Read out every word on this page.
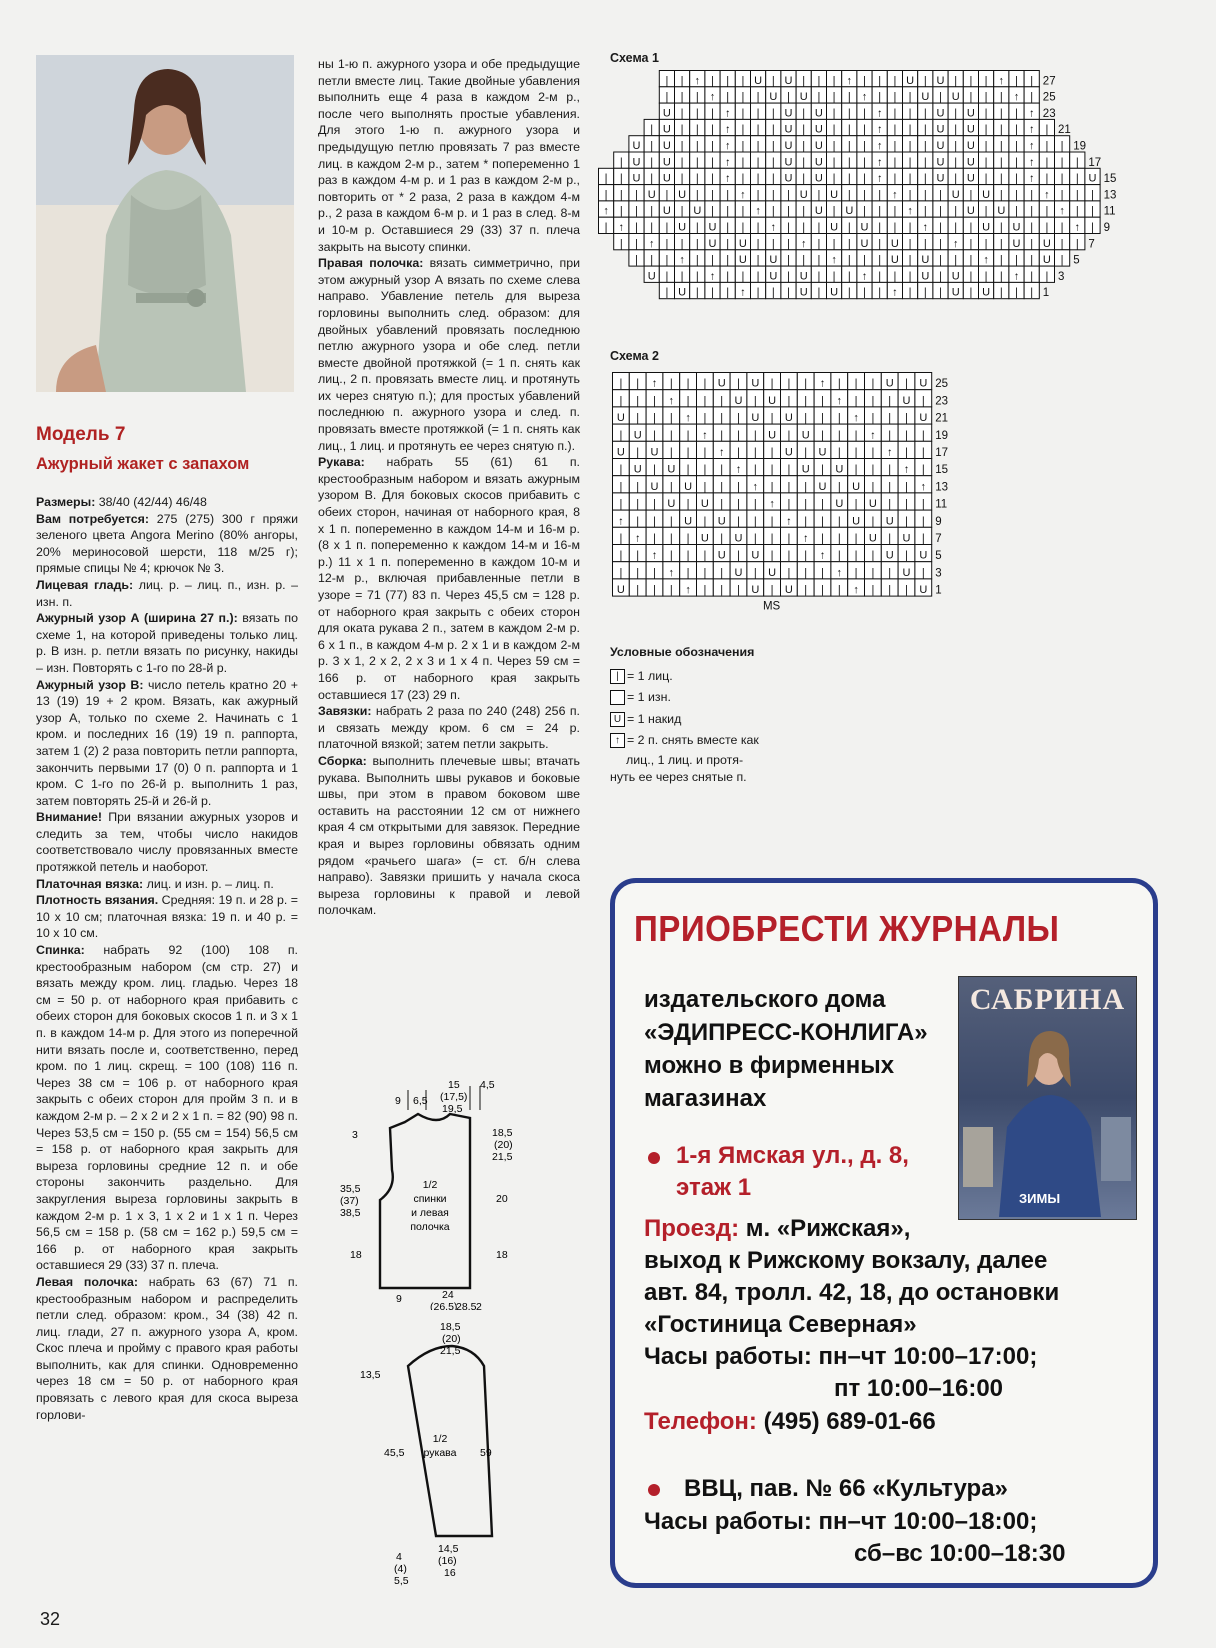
Модель 7
Ажурный жакет с запахом

Размеры: 38/40 (42/44) 46/48

Вам потребуется: 275 (275) 300 г пряжи зеленого цвета Angora Merino (80% ангоры, 20% мериносовой шерсти, 118 м/25 г); прямые спицы № 4; крючок № 3.

Лицевая гладь: лиц. р. – лиц. п., изн. р. – изн. п.

Ажурный узор А (ширина 27 п.): вязать по схеме 1, на которой приведены только лиц. р. В изн. р. петли вязать по рисунку, накиды – изн. Повторять с 1-го по 28-й р.

Ажурный узор В: число петель кратно 20 + 13 (19) 19 + 2 кром. Вязать, как ажурный узор А, только по схеме 2. Начинать с 1 кром. и последних 16 (19) 19 п. раппорта, затем 1 (2) 2 раза повторить петли раппорта, закончить первыми 17 (0) 0 п. раппорта и 1 кром. С 1-го по 26-й р. выполнить 1 раз, затем повторять 25-й и 26-й р.

Внимание! При вязании ажурных узоров и следить за тем, чтобы число накидов соответствовало числу провязанных вместе протяжкой петель и наоборот.

Платочная вязка: лиц. и изн. р. – лиц. п.

Плотность вязания. Средняя: 19 п. и 28 р. = 10 х 10 см; платочная вязка: 19 п. и 40 р. = 10 х 10 см.

Спинка: набрать 92 (100) 108 п. крестообразным набором (см стр. 27) и вязать между кром. лиц. гладью. Через 18 см = 50 р. от наборного края прибавить с обеих сторон для боковых скосов 1 п. и 3 х 1 п. в каждом 14-м р. Для этого из поперечной нити вязать после и, соответственно, перед кром. по 1 лиц. скрещ. = 100 (108) 116 п. Через 38 см = 106 р. от наборного края закрыть с обеих сторон для пройм 3 п. и в каждом 2-м р. – 2 х 2 и 2 х 1 п. = 82 (90) 98 п. Через 53,5 см = 150 р. (55 см = 154) 56,5 см = 158 р. от наборного края закрыть для выреза горловины средние 12 п. и обе стороны закончить раздельно. Для закругления выреза горловины закрыть в каждом 2-м р. 1 х 3, 1 х 2 и 1 х 1 п. Через 56,5 см = 158 р. (58 см = 162 р.) 59,5 см = 166 р. от наборного края закрыть оставшиеся 29 (33) 37 п. плеча.

Левая полочка: набрать 63 (67) 71 п. крестообразным набором и распределить петли след. образом: кром., 34 (38) 42 п. лиц. глади, 27 п. ажурного узора А, кром. Скос плеча и пройму с правого края работы выполнить, как для спинки. Одновременно через 18 см = 50 р. от наборного края провязать с левого края для скоса выреза горлови-

ны 1-ю п. ажурного узора и обе предыдущие петли вместе лиц. Такие двойные убавления выполнить еще 4 раза в каждом 2-м р., после чего выполнять простые убавления. Для этого 1-ю п. ажурного узора и предыдущую петлю провязать 7 раз вместе лиц. в каждом 2-м р., затем * попеременно 1 раз в каждом 4-м р. и 1 раз в каждом 2-м р., повторить от * 2 раза, 2 раза в каждом 4-м р., 2 раза в каждом 6-м р. и 1 раз в след. 8-м и 10-м р. Оставшиеся 29 (33) 37 п. плеча закрыть на высоту спинки.

Правая полочка: вязать симметрично, при этом ажурный узор А вязать по схеме слева направо. Убавление петель для выреза горловины выполнить след. образом: для двойных убавлений провязать последнюю петлю ажурного узора и обе след. петли вместе двойной протяжкой (= 1 п. снять как лиц., 2 п. провязать вместе лиц. и протянуть их через снятую п.); для простых убавлений последнюю п. ажурного узора и след. п. провязать вместе протяжкой (= 1 п. снять как лиц., 1 лиц. и протянуть ее через снятую п.).

Рукава: набрать 55 (61) 61 п. крестообразным набором и вязать ажурным узором В. Для боковых скосов прибавить с обеих сторон, начиная от наборного края, 8 х 1 п. попеременно в каждом 14-м и 16-м р. (8 х 1 п. попеременно к каждом 14-м и 16-м р.) 11 х 1 п. попеременно в каждом 10-м и 12-м р., включая прибавленные петли в узоре = 71 (77) 83 п. Через 45,5 см = 128 р. от наборного края закрыть с обеих сторон для оката рукава 2 п., затем в каждом 2-м р. 6 х 1 п., в каждом 4-м р. 2 х 1 и в каждом 2-м р. 3 х 1, 2 х 2, 2 х 3 и 1 х 4 п. Через 59 см = 166 р. от наборного края закрыть оставшиеся 17 (23) 29 п.

Завязки: набрать 2 раза по 240 (248) 256 п. и связать между кром. 6 см = 24 р. платочной вязкой; затем петли закрыть.

Сборка: выполнить плечевые швы; втачать рукава. Выполнить швы рукавов и боковые швы, при этом в правом боковом шве оставить на расстоянии 12 см от нижнего края 4 см открытыми для завязок. Передние края и вырез горловины обвязать одним рядом «рачьего шага» (= ст. б/н слева направо). Завязки пришить у начала скоса выреза горловины к правой и левой полочкам.

Схема 1
| | ↑ | | | U | U | | | ↑ | | | U | U | | | ↑ | | 27
| | | ↑ | | | U | U | | | ↑ | | | U | U | | | ↑ | 25
U | | | ↑ | | | U | U | | | ↑ | | | U | U | | | ↑ 23
| U | | | ↑ | | | U | U | | | ↑ | | | U | U | | | ↑ | 21
U | U | | | ↑ | | | U | U | | | ↑ | | | U | U | | | ↑ | | 19
| U | U | | | ↑ | | | U | U | | | ↑ | | | U | U | | | ↑ | | | 17
| | U | U | | | ↑ | | | U | U | | | ↑ | | | U | U | | | ↑ | | | U 15
| | | U | U | | | ↑ | | | U | U | | | ↑ | | | U | U | | | ↑ | | | 13
↑ | | | U | U | | | ↑ | | | U | U | | | ↑ | | | U | U | | | ↑ | | 11
| ↑ | | | U | U | | | ↑ | | | U | U | | | ↑ | | | U | U | | | ↑ | 9
| | ↑ | | | U | U | | | ↑ | | | U | U | | | ↑ | | | U | U | | 7
| | | ↑ | | | U | U | | | ↑ | | | U | U | | | ↑ | | | U | 5
U | | | ↑ | | | U | U | | | ↑ | | | U | U | | | ↑ | | 3
| U | | | ↑ | | | U | U | | | ↑ | | | U | U | | | 1
Схема 2
| | ↑ | | | U | U | | | ↑ | | | U | U 25
| | | ↑ | | | U | U | | | ↑ | | | U | 23
U | | | ↑ | | | U | U | | | ↑ | | | U 21
| U | | | ↑ | | | U | U | | | ↑ | | | 19
U | U | | | ↑ | | | U | U | | | ↑ | | 17
| U | U | | | ↑ | | | U | U | | | ↑ | 15
| | U | U | | | ↑ | | | U | U | | | ↑ 13
| | | U | U | | | ↑ | | | U | U | | | 11
↑ | | | U | U | | | ↑ | | | U | U | | 9
| ↑ | | | U | U | | | ↑ | | | U | U | 7
| | ↑ | | | U | U | | | ↑ | | | U | U 5
| | | ↑ | | | U | U | | | ↑ | | | U | 3
U | | | ↑ | | | U | U | | | ↑ | | | U 1
MS
Условные обозначения
| = 1 лиц.
= 1 изн.
U = 1 накид
↑ = 2 п. снять вместе как
лиц., 1 лиц. и протя-
нуть ее через снятые п.
9 6,5
15
(17,5)
19,5
4,5
3
35,5
(37)
38,5
18
18,5
(20)
21,5
20
18
1/2
спинки
и левая
полочка
9	24
(26,5)
28,5 2
18,5
(20)
21,5
13,5
45,5	59
1/2
рукава
4
(4)
5,5
14,5
(16)
16
ПРИОБРЕСТИ ЖУРНАЛЫ
издательского дома
«ЭДИПРЕСС-КОНЛИГА»
можно в фирменных
магазинах
САБРИНА
ЗИМЫ
1-я Ямская ул., д. 8,
этаж 1
Проезд: м. «Рижская»,
выход к Рижскому вокзалу, далее
авт. 84, тролл. 42, 18, до остановки
«Гостиница Северная»
Часы работы: пн–чт 10:00–17:00;
пт 10:00–16:00
Телефон: (495) 689-01-66
ВВЦ, пав. № 66 «Культура»
Часы работы: пн–чт 10:00–18:00;
сб–вс 10:00–18:30
32
